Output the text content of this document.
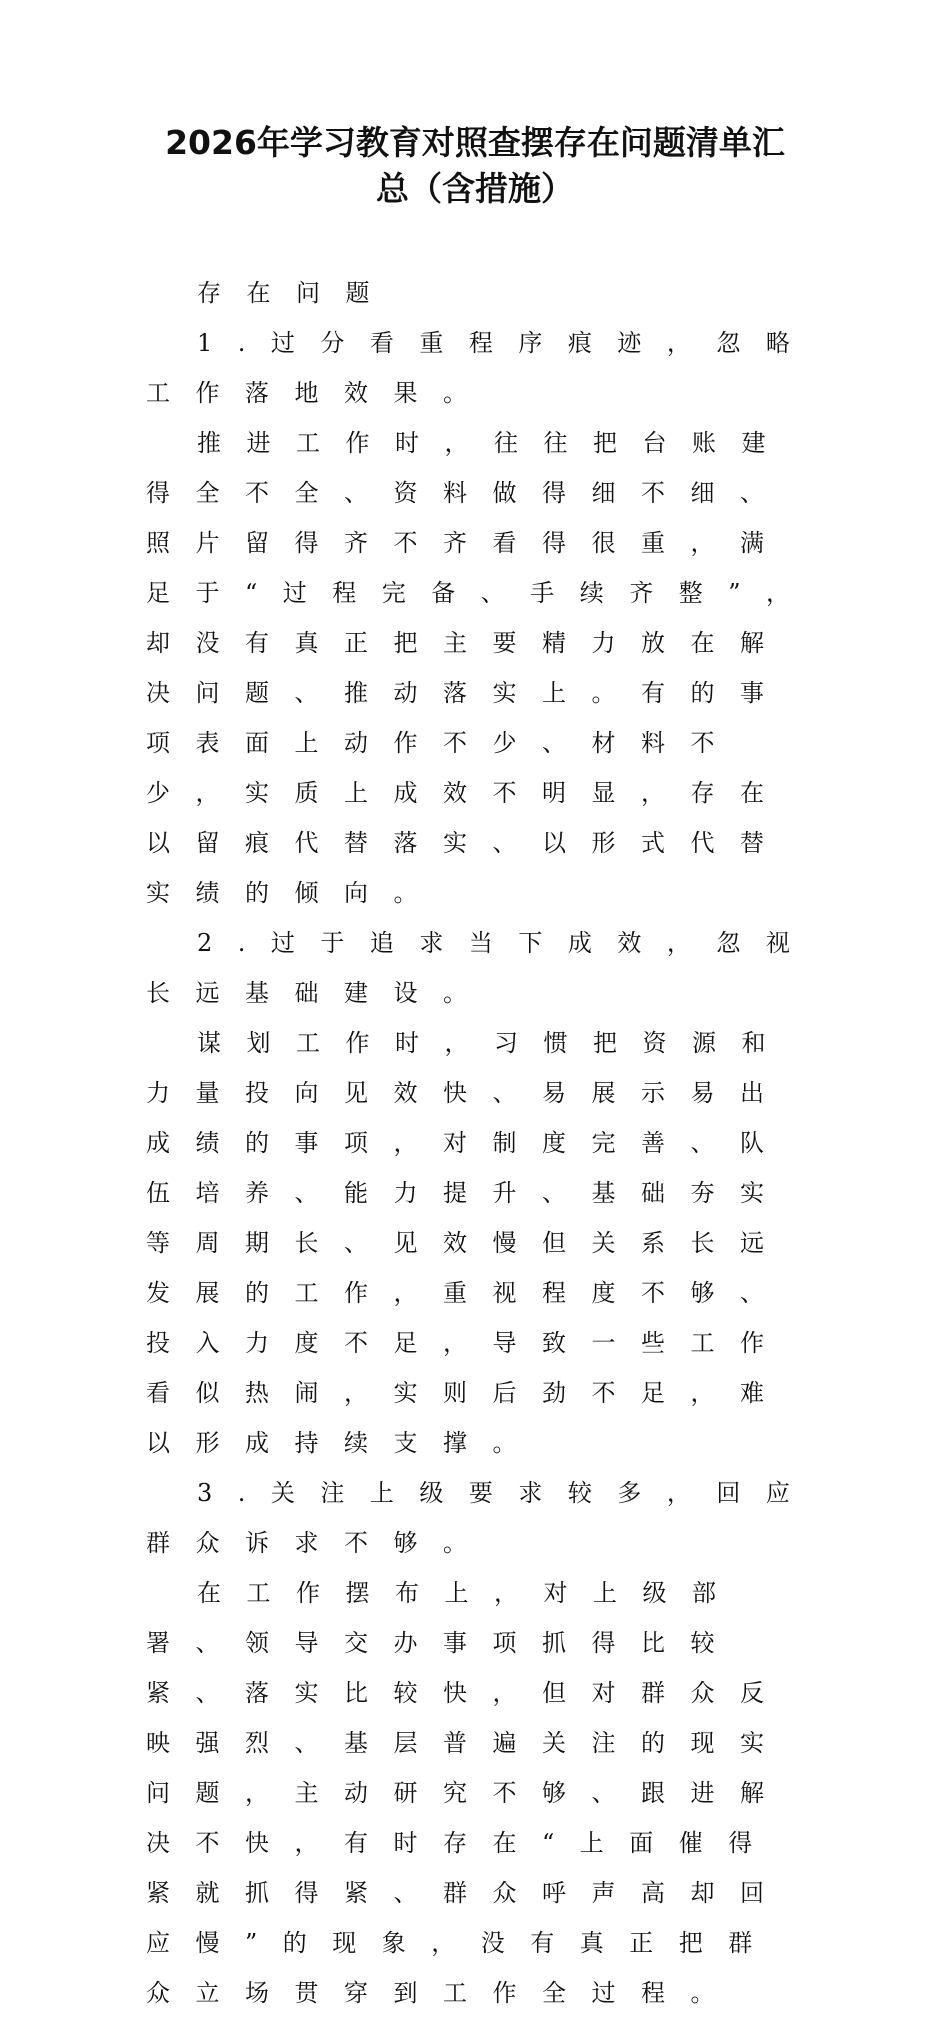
2026年学习教育对照查摆存在问题清单汇
总（含措施）

存在问题

1.过分看重程序痕迹，忽略工作落地效果。

推进工作时，往往把台账建得全不全、资料做得细不细、照片留得齐不齐看得很重，满足于“过程完备、手续齐整”，却没有真正把主要精力放在解决问题、推动落实上。有的事项表面上动作不少、材料不少，实质上成效不明显，存在以留痕代替落实、以形式代替实绩的倾向。

2.过于追求当下成效，忽视长远基础建设。

谋划工作时，习惯把资源和力量投向见效快、易展示易出成绩的事项，对制度完善、队伍培养、能力提升、基础夯实等周期长、见效慢但关系长远发展的工作，重视程度不够、投入力度不足，导致一些工作看似热闹，实则后劲不足，难以形成持续支撑。

3.关注上级要求较多，回应群众诉求不够。

在工作摆布上，对上级部署、领导交办事项抓得比较紧、落实比较快，但对群众反映强烈、基层普遍关注的现实问题，主动研究不够、跟进解决不快，有时存在“上面催得紧就抓得紧、群众呼声高却回应慢”的现象，没有真正把群众立场贯穿到工作全过程。
